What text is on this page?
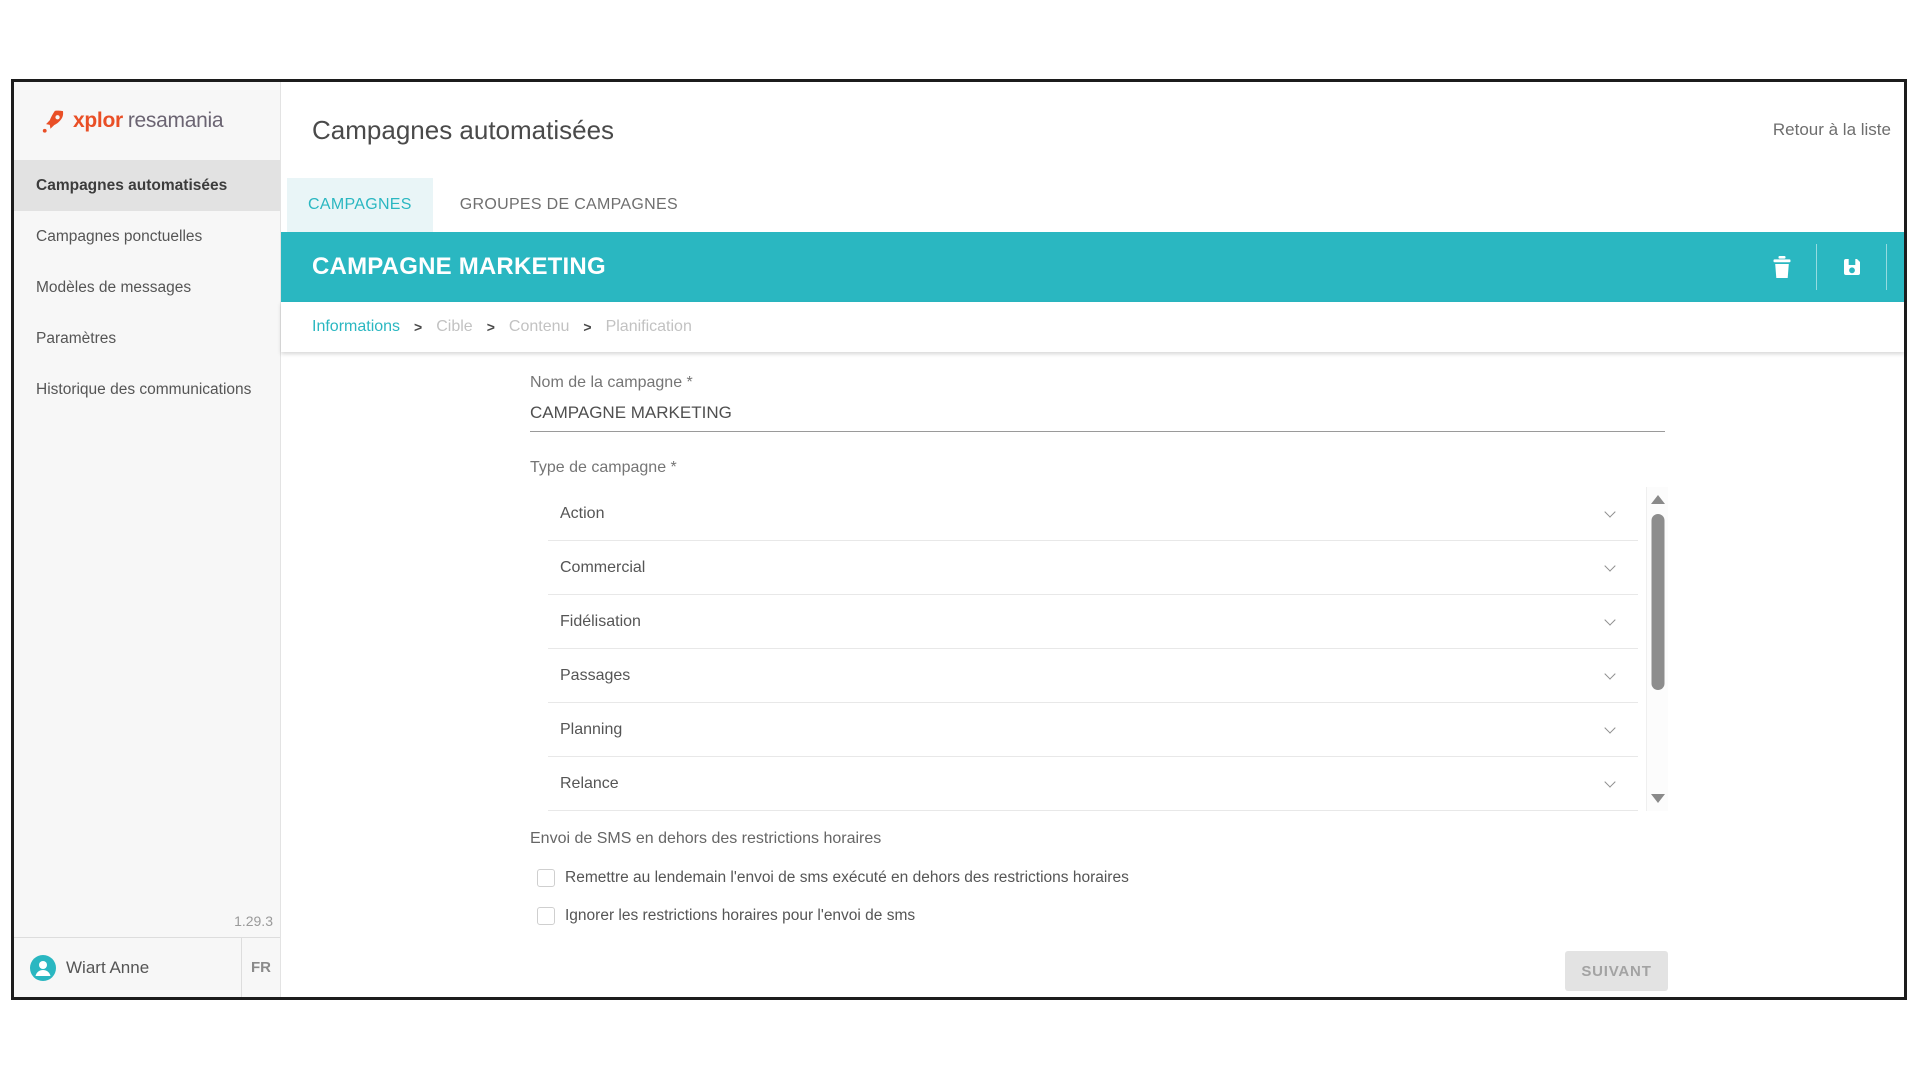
xplor resamania
Campagnes automatisées
Campagnes ponctuelles
Modèles de messages
Paramètres
Historique des communications
1.29.3
Wiart Anne	FR
Campagnes automatisées	Retour à la liste
CAMPAGNES	GROUPES DE CAMPAGNES
CAMPAGNE MARKETING
Informations > Cible > Contenu > Planification
Nom de la campagne *
CAMPAGNE MARKETING
Type de campagne *
Action
Commercial
Fidélisation
Passages
Planning
Relance
Envoi de SMS en dehors des restrictions horaires
Remettre au lendemain l'envoi de sms exécuté en dehors des restrictions horaires
Ignorer les restrictions horaires pour l'envoi de sms
SUIVANT
